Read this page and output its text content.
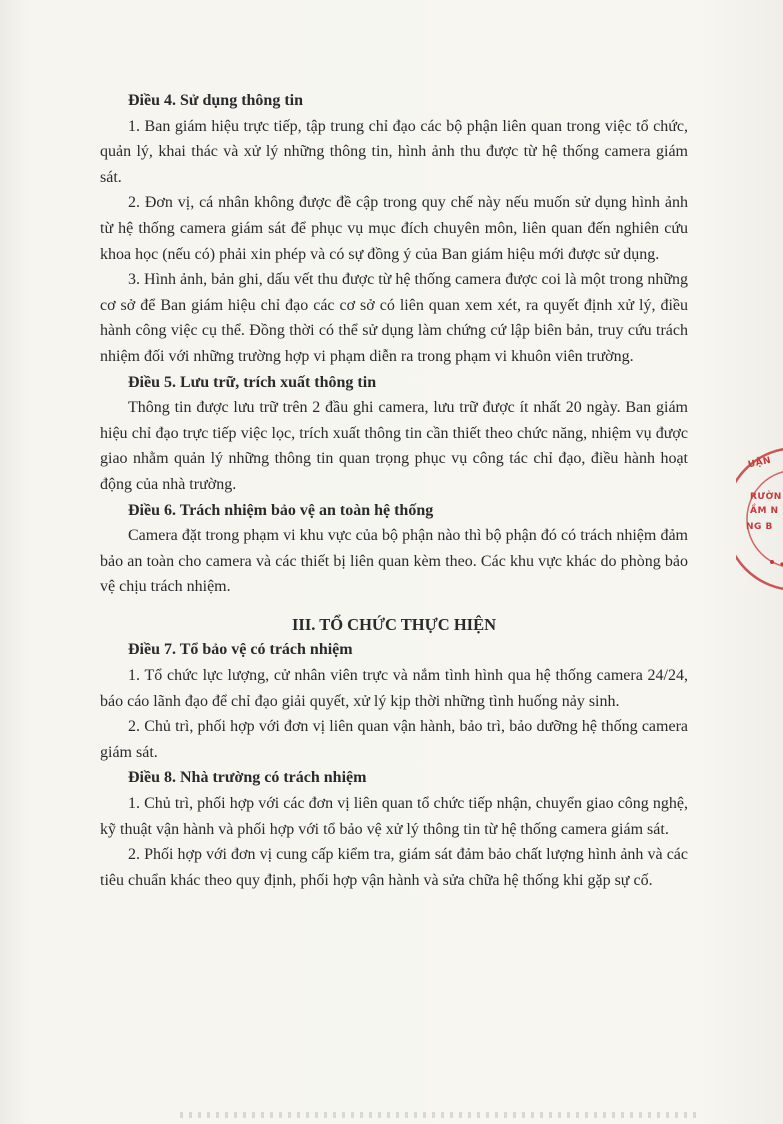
Điều 4. Sử dụng thông tin

1. Ban giám hiệu trực tiếp, tập trung chỉ đạo các bộ phận liên quan trong việc tổ chức, quản lý, khai thác và xử lý những thông tin, hình ảnh thu được từ hệ thống camera giám sát.

2. Đơn vị, cá nhân không được đề cập trong quy chế này nếu muốn sử dụng hình ảnh từ hệ thống camera giám sát để phục vụ mục đích chuyên môn, liên quan đến nghiên cứu khoa học (nếu có) phải xin phép và có sự đồng ý của Ban giám hiệu mới được sử dụng.

3. Hình ảnh, bản ghi, dấu vết thu được từ hệ thống camera được coi là một trong những cơ sở để Ban giám hiệu chỉ đạo các cơ sở có liên quan xem xét, ra quyết định xử lý, điều hành công việc cụ thể. Đồng thời có thể sử dụng làm chứng cứ lập biên bản, truy cứu trách nhiệm đối với những trường hợp vi phạm diễn ra trong phạm vi khuôn viên trường.

Điều 5. Lưu trữ, trích xuất thông tin

Thông tin được lưu trữ trên 2 đầu ghi camera, lưu trữ được ít nhất 20 ngày. Ban giám hiệu chỉ đạo trực tiếp việc lọc, trích xuất thông tin cần thiết theo chức năng, nhiệm vụ được giao nhằm quản lý những thông tin quan trọng phục vụ công tác chỉ đạo, điều hành hoạt động của nhà trường.

Điều 6. Trách nhiệm bảo vệ an toàn hệ thống

Camera đặt trong phạm vi khu vực của bộ phận nào thì bộ phận đó có trách nhiệm đảm bảo an toàn cho camera và các thiết bị liên quan kèm theo. Các khu vực khác do phòng bảo vệ chịu trách nhiệm.

III. TỔ CHỨC THỰC HIỆN

Điều 7. Tổ bảo vệ có trách nhiệm

1. Tổ chức lực lượng, cử nhân viên trực và nắm tình hình qua hệ thống camera 24/24, báo cáo lãnh đạo để chỉ đạo giải quyết, xử lý kịp thời những tình huống nảy sinh.

2. Chủ trì, phối hợp với đơn vị liên quan vận hành, bảo trì, bảo dưỡng hệ thống camera giám sát.

Điều 8. Nhà trường có trách nhiệm

1. Chủ trì, phối hợp với các đơn vị liên quan tổ chức tiếp nhận, chuyển giao công nghệ, kỹ thuật vận hành và phối hợp với tổ bảo vệ xử lý thông tin từ hệ thống camera giám sát.

2. Phối hợp với đơn vị cung cấp kiểm tra, giám sát đảm bảo chất lượng hình ảnh và các tiêu chuẩn khác theo quy định, phối hợp vận hành và sửa chữa hệ thống khi gặp sự cố.

UẬN
RƯỜN
ẦM N
NG B
